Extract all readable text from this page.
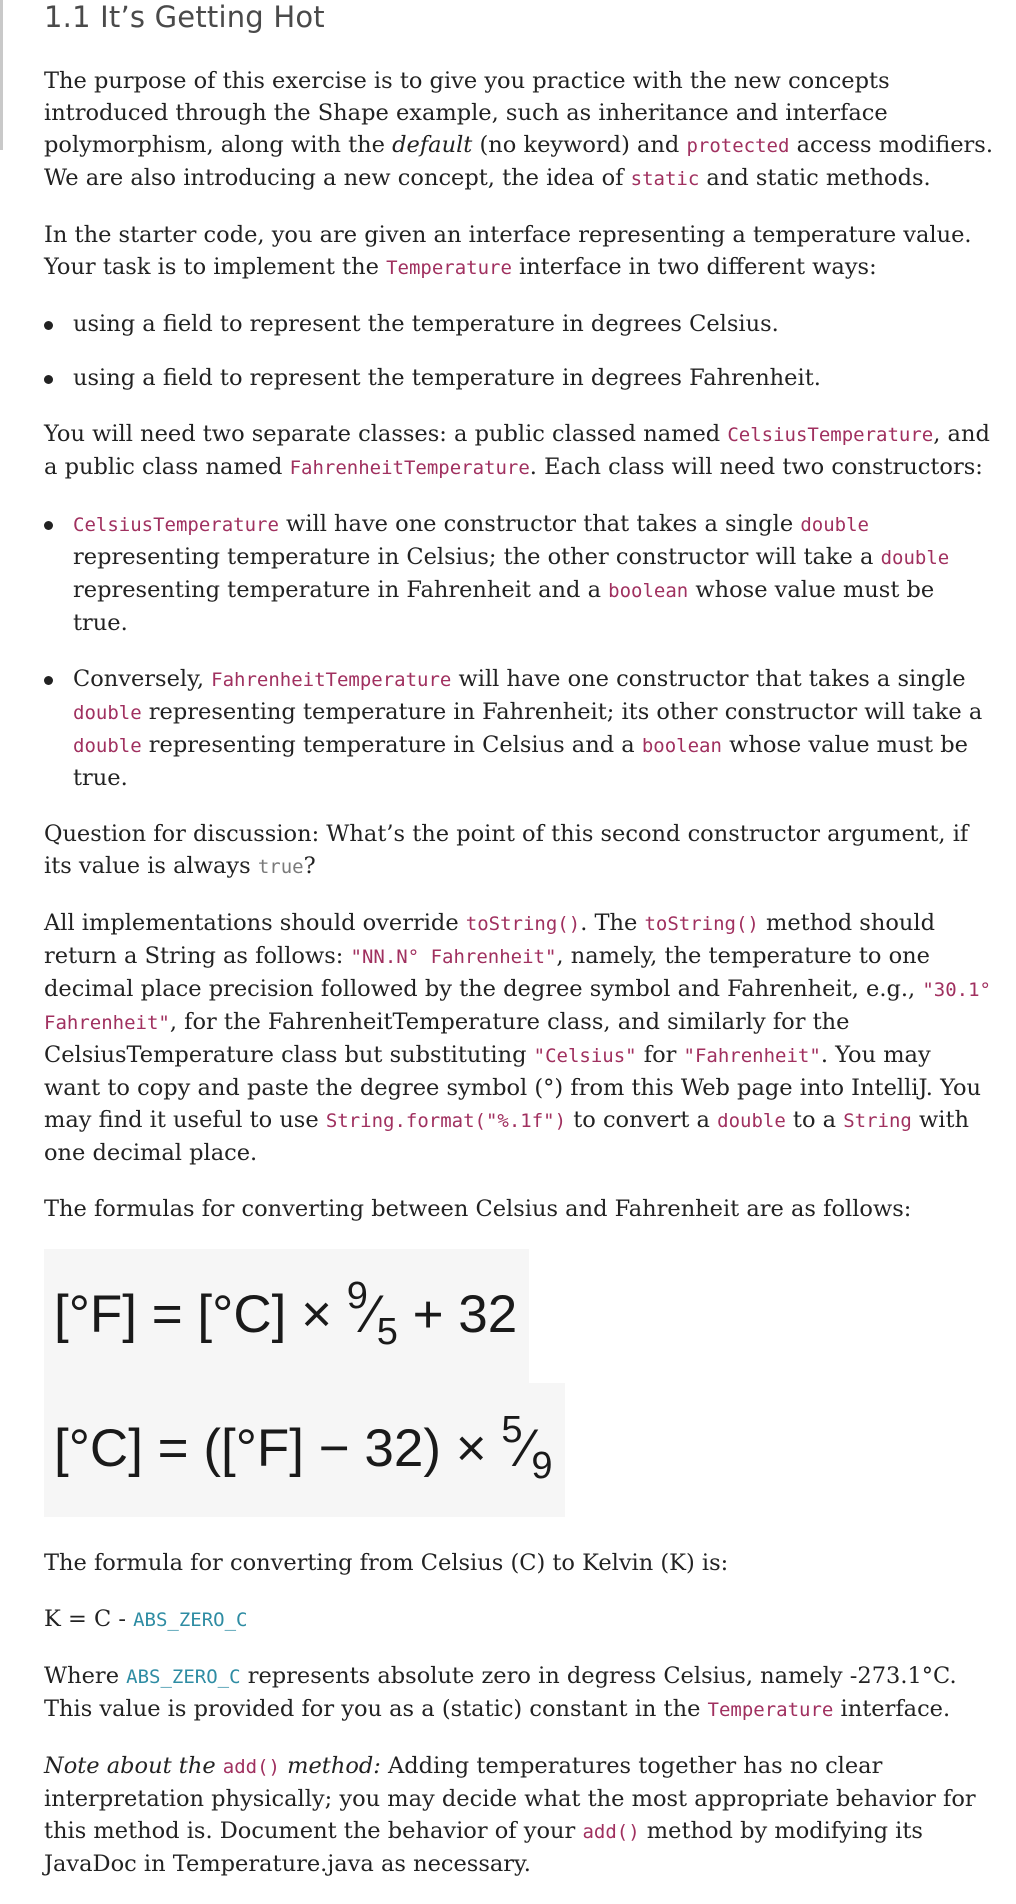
1.1 It’s Getting Hot

The purpose of this exercise is to give you practice with the new concepts introduced through the Shape example, such as inheritance and interface polymorphism, along with the default (no keyword) and protected access modifiers. We are also introducing a new concept, the idea of static and static methods.

In the starter code, you are given an interface representing a temperature value. Your task is to implement the Temperature interface in two different ways:

using a field to represent the temperature in degrees Celsius.
using a field to represent the temperature in degrees Fahrenheit.

You will need two separate classes: a public classed named CelsiusTemperature, and a public class named FahrenheitTemperature. Each class will need two constructors:

CelsiusTemperature will have one constructor that takes a single double representing temperature in Celsius; the other constructor will take a double representing temperature in Fahrenheit and a boolean whose value must be true.
Conversely, FahrenheitTemperature will have one constructor that takes a single double representing temperature in Fahrenheit; its other constructor will take a double representing temperature in Celsius and a boolean whose value must be true.

Question for discussion: What’s the point of this second constructor argument, if its value is always true?

All implementations should override toString(). The toString() method should return a String as follows: "NN.N° Fahrenheit", namely, the temperature to one decimal place precision followed by the degree symbol and Fahrenheit, e.g., "30.1° Fahrenheit", for the FahrenheitTemperature class, and similarly for the CelsiusTemperature class but substituting "Celsius" for "Fahrenheit". You may want to copy and paste the degree symbol (°) from this Web page into IntelliJ. You may find it useful to use String.format("%.1f") to convert a double to a String with one decimal place.

The formulas for converting between Celsius and Fahrenheit are as follows:

$[^\circ F] = [^\circ C] \times ^9⁄_5 + 32$
$[^\circ C] = ([^\circ F] - 32) \times ^5⁄_9$

The formula for converting from Celsius (C) to Kelvin (K) is:

K = C - ABS_ZERO_C

Where ABS_ZERO_C represents absolute zero in degress Celsius, namely -273.1°C. This value is provided for you as a (static) constant in the Temperature interface.

Note about the add() method: Adding temperatures together has no clear interpretation physically; you may decide what the most appropriate behavior for this method is. Document the behavior of your add() method by modifying its JavaDoc in Temperature.java as necessary.
